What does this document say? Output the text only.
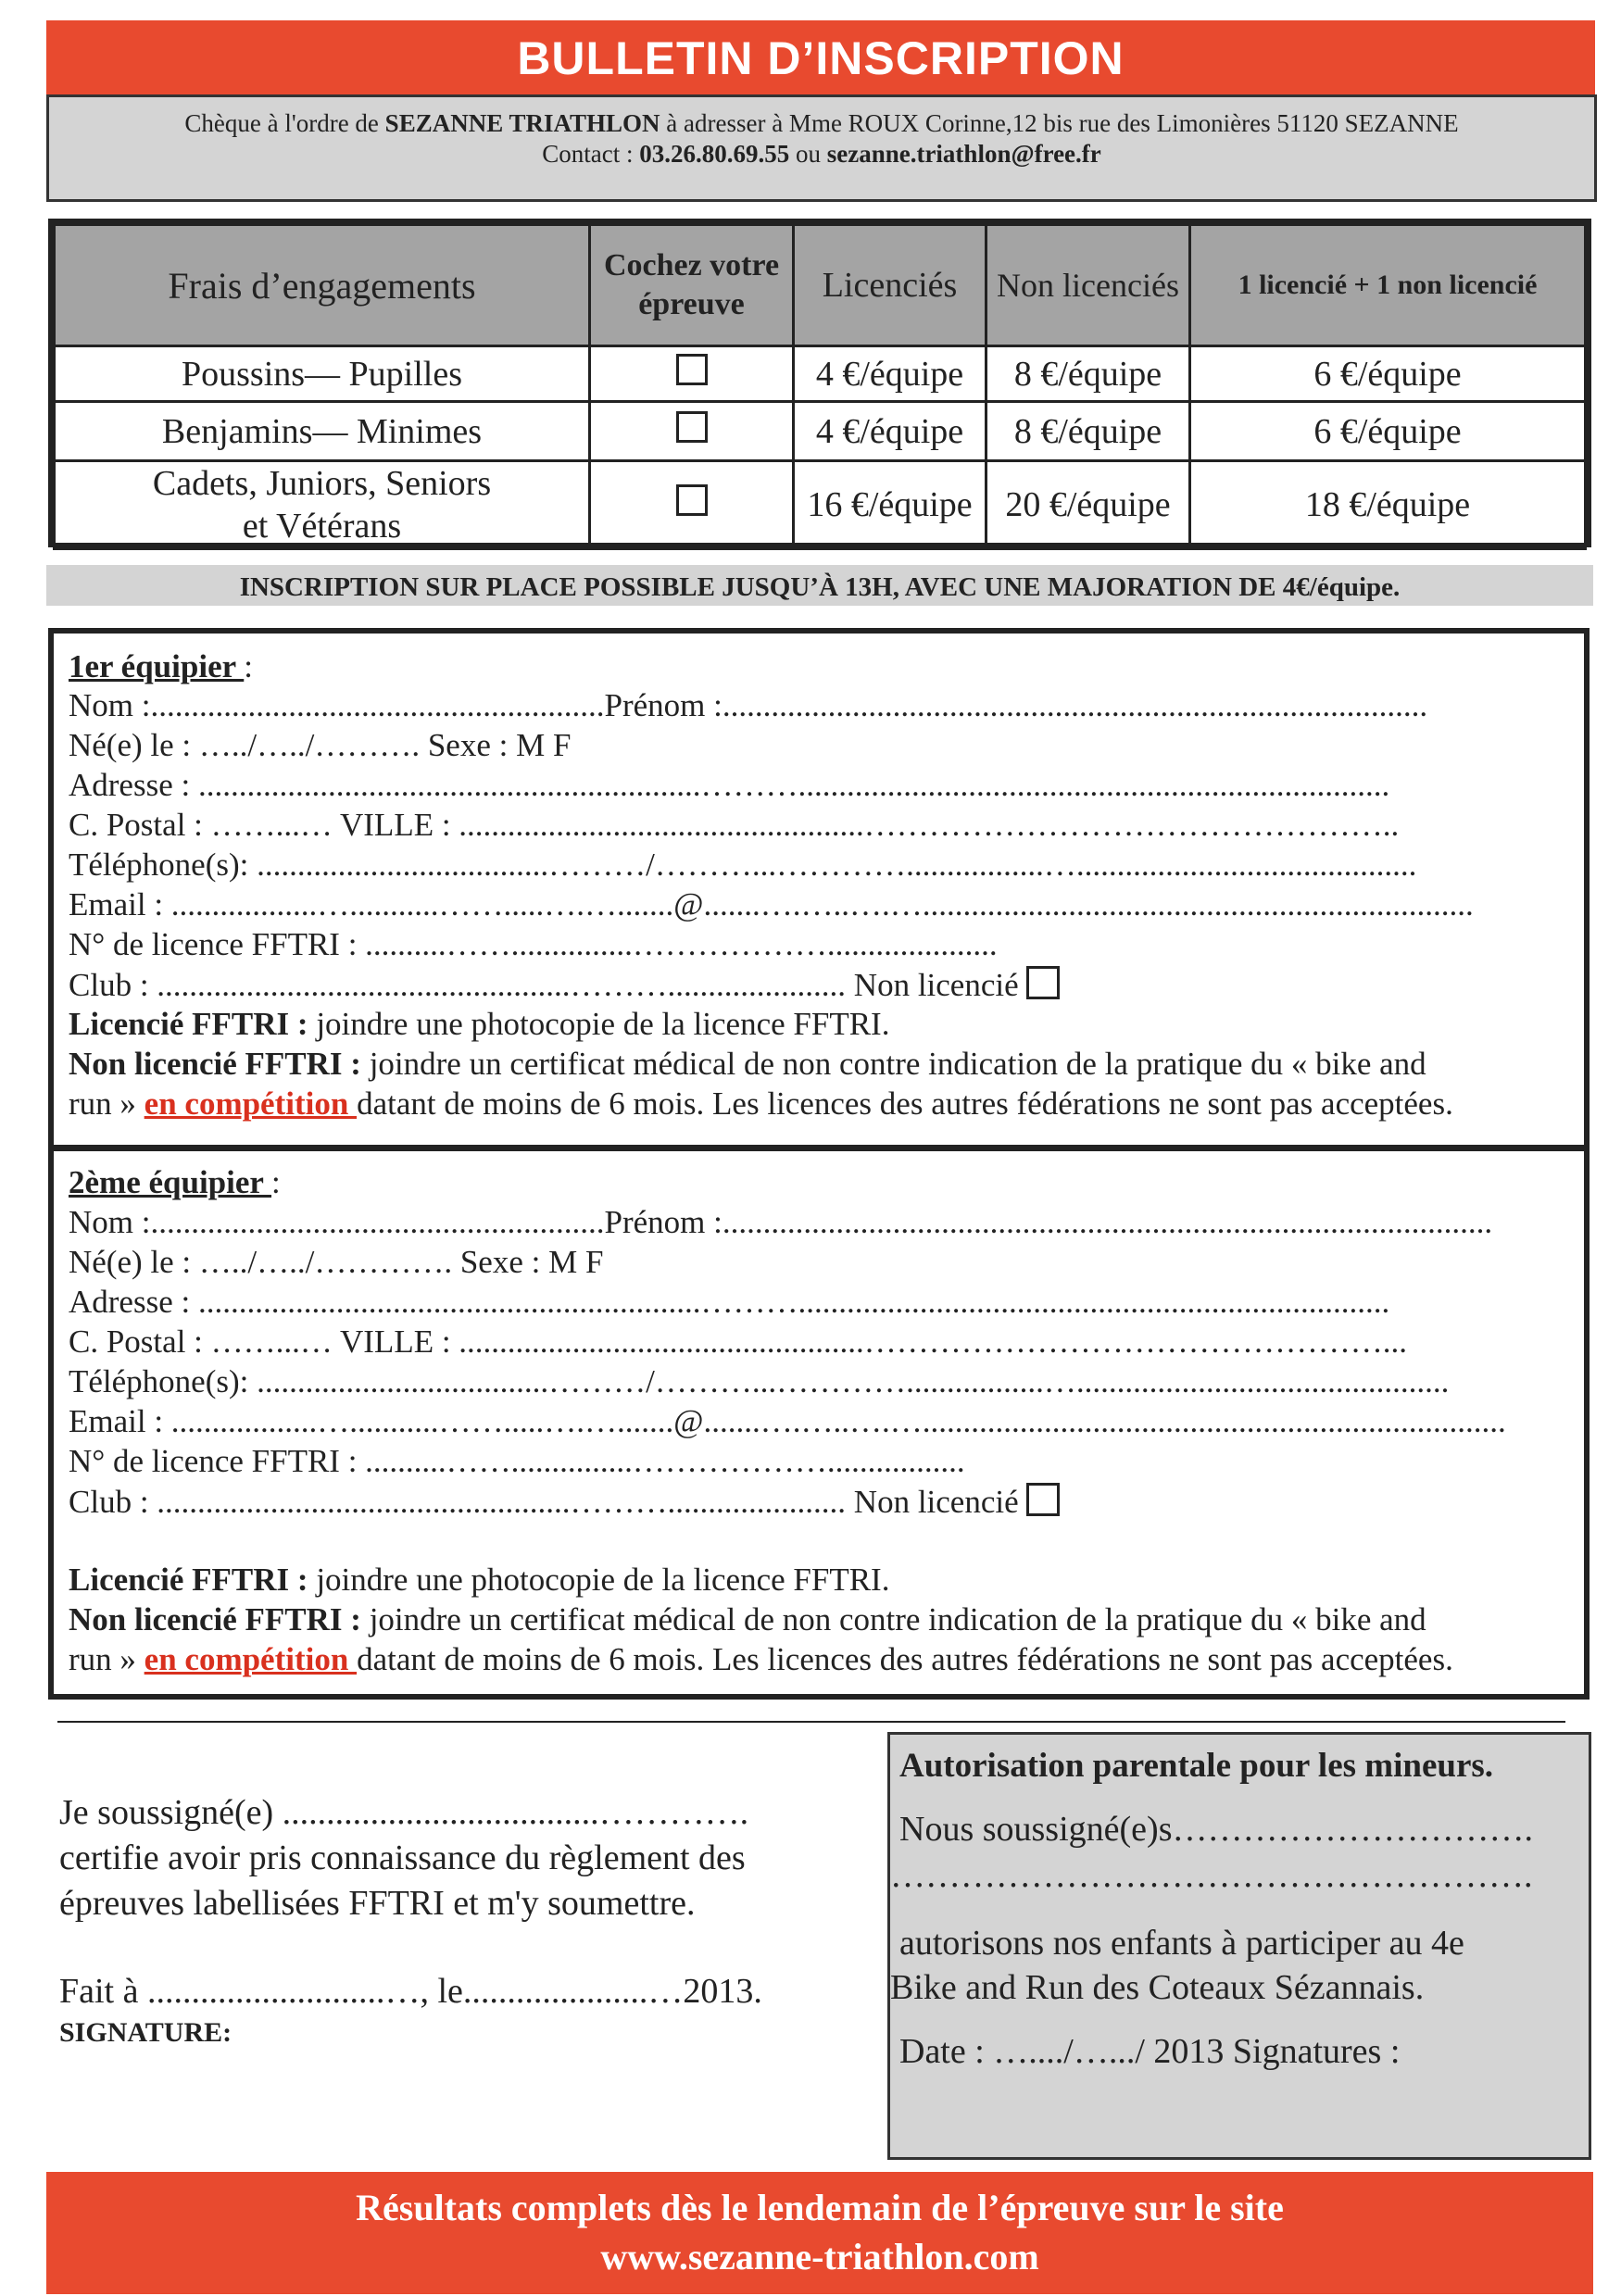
BULLETIN D’INSCRIPTION
Chèque à l'ordre de SEZANNE TRIATHLON à adresser à Mme ROUX Corinne,12 bis rue des Limonières 51120 SEZANNE
Contact : 03.26.80.69.55 ou sezanne.triathlon@free.fr
Frais d’engagements	Cochez votre épreuve	Licenciés	Non licenciés	1 licencié + 1 non licencié
Poussins— Pupilles		4 €/équipe	8 €/équipe	6 €/équipe
Benjamins— Minimes		4 €/équipe	8 €/équipe	6 €/équipe
Cadets, Juniors, Seniors
et Vétérans		16 €/équipe	20 €/équipe	18 €/équipe
INSCRIPTION SUR PLACE POSSIBLE JUSQU’À 13H, AVEC UNE MAJORATION DE 4€/équipe.
1er équipier :
Nom :........................................................Prénom :.......................................................................................
Né(e) le : …../…../………. Sexe : M F
Adresse : ..............................................................……….........................................................................
C. Postal : ……...… VILLE : ..................................................…………………………………………..
Téléphone(s): ....................................………/………...………….................…..........................................
Email : ..................…...........…….....….….......@.......….…..….…....................................................................
N° de licence FFTRI : ..........……...............……………….....................
Club : ...................................................………...................... Non licencié
Licencié FFTRI : joindre une photocopie de la licence FFTRI.
Non licencié FFTRI : joindre un certificat médical de non contre indication de la pratique du « bike and
run » en compétition datant de moins de 6 mois. Les licences des autres fédérations ne sont pas acceptées.
2ème équipier :
Nom :........................................................Prénom :...............................................................................................
Né(e) le : …../…../…………. Sexe : M F
Adresse : ..............................................................……….........................................................................
C. Postal : ……...… VILLE : ..................................................…………………………………………...
Téléphone(s): ....................................………/………...………….................…..............................................
Email : ..................…...........…….....….….......@.......….…..….…........................................................................
N° de licence FFTRI : ..........……...............……………….................
Club : ...................................................………...................... Non licencié
Licencié FFTRI : joindre une photocopie de la licence FFTRI.
Non licencié FFTRI : joindre un certificat médical de non contre indication de la pratique du « bike and
run » en compétition datant de moins de 6 mois. Les licences des autres fédérations ne sont pas acceptées.
Je soussigné(e) ....................................………….
certifie avoir pris connaissance du règlement des
épreuves labellisées FFTRI et m'y soumettre.
Fait à ...........................…, le.....................…2013.
SIGNATURE:
Autorisation parentale pour les mineurs.
Nous soussigné(e)s………………………….
……………………………………………….
autorisons nos enfants à participer au 4e
Bike and Run des Coteaux Sézannais.
Date : …..../….../ 2013 Signatures :
Résultats complets dès le lendemain de l’épreuve sur le site
www.sezanne-triathlon.com
